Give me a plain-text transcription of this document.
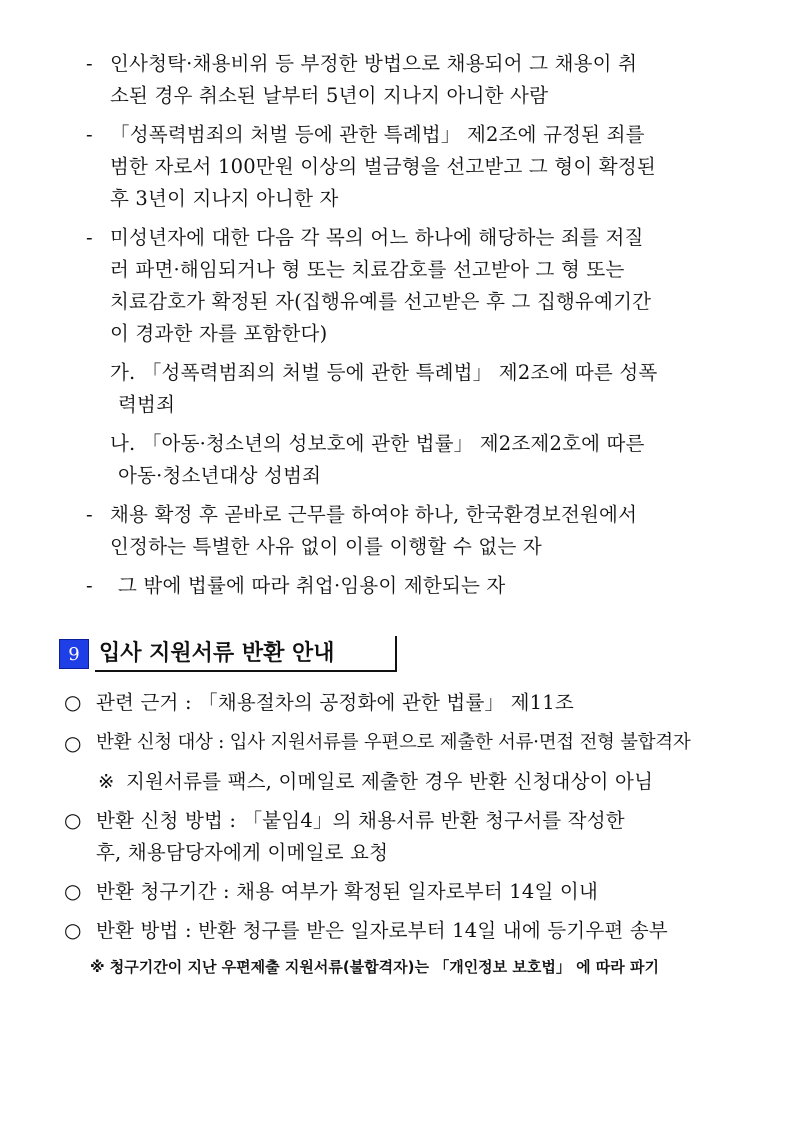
- 인사청탁·채용비위 등 부정한 방법으로 채용되어 그 채용이 취
소된 경우 취소된 날부터 5년이 지나지 아니한 사람
- 「성폭력범죄의 처벌 등에 관한 특례법」 제2조에 규정된 죄를
범한 자로서 100만원 이상의 벌금형을 선고받고 그 형이 확정된
후 3년이 지나지 아니한 자
- 미성년자에 대한 다음 각 목의 어느 하나에 해당하는 죄를 저질
러 파면·해임되거나 형 또는 치료감호를 선고받아 그 형 또는
치료감호가 확정된 자(집행유예를 선고받은 후 그 집행유예기간
이 경과한 자를 포함한다)
가. 「성폭력범죄의 처벌 등에 관한 특례법」 제2조에 따른 성폭
력범죄
나. 「아동·청소년의 성보호에 관한 법률」 제2조제2호에 따른
아동·청소년대상 성범죄
- 채용 확정 후 곧바로 근무를 하여야 하나, 한국환경보전원에서
인정하는 특별한 사유 없이 이를 이행할 수 없는 자
- 그 밖에 법률에 따라 취업·임용이 제한되는 자
9 입사 지원서류 반환 안내
○ 관련 근거 : 「채용절차의 공정화에 관한 법률」 제11조
○ 반환 신청 대상 : 입사 지원서류를 우편으로 제출한 서류·면접 전형 불합격자
※ 지원서류를 팩스, 이메일로 제출한 경우 반환 신청대상이 아님
○ 반환 신청 방법 : 「붙임4」의 채용서류 반환 청구서를 작성한
후, 채용담당자에게 이메일로 요청
○ 반환 청구기간 : 채용 여부가 확정된 일자로부터 14일 이내
○ 반환 방법 : 반환 청구를 받은 일자로부터 14일 내에 등기우편 송부
※ 청구기간이 지난 우편제출 지원서류(불합격자)는 「개인정보 보호법」 에 따라 파기
